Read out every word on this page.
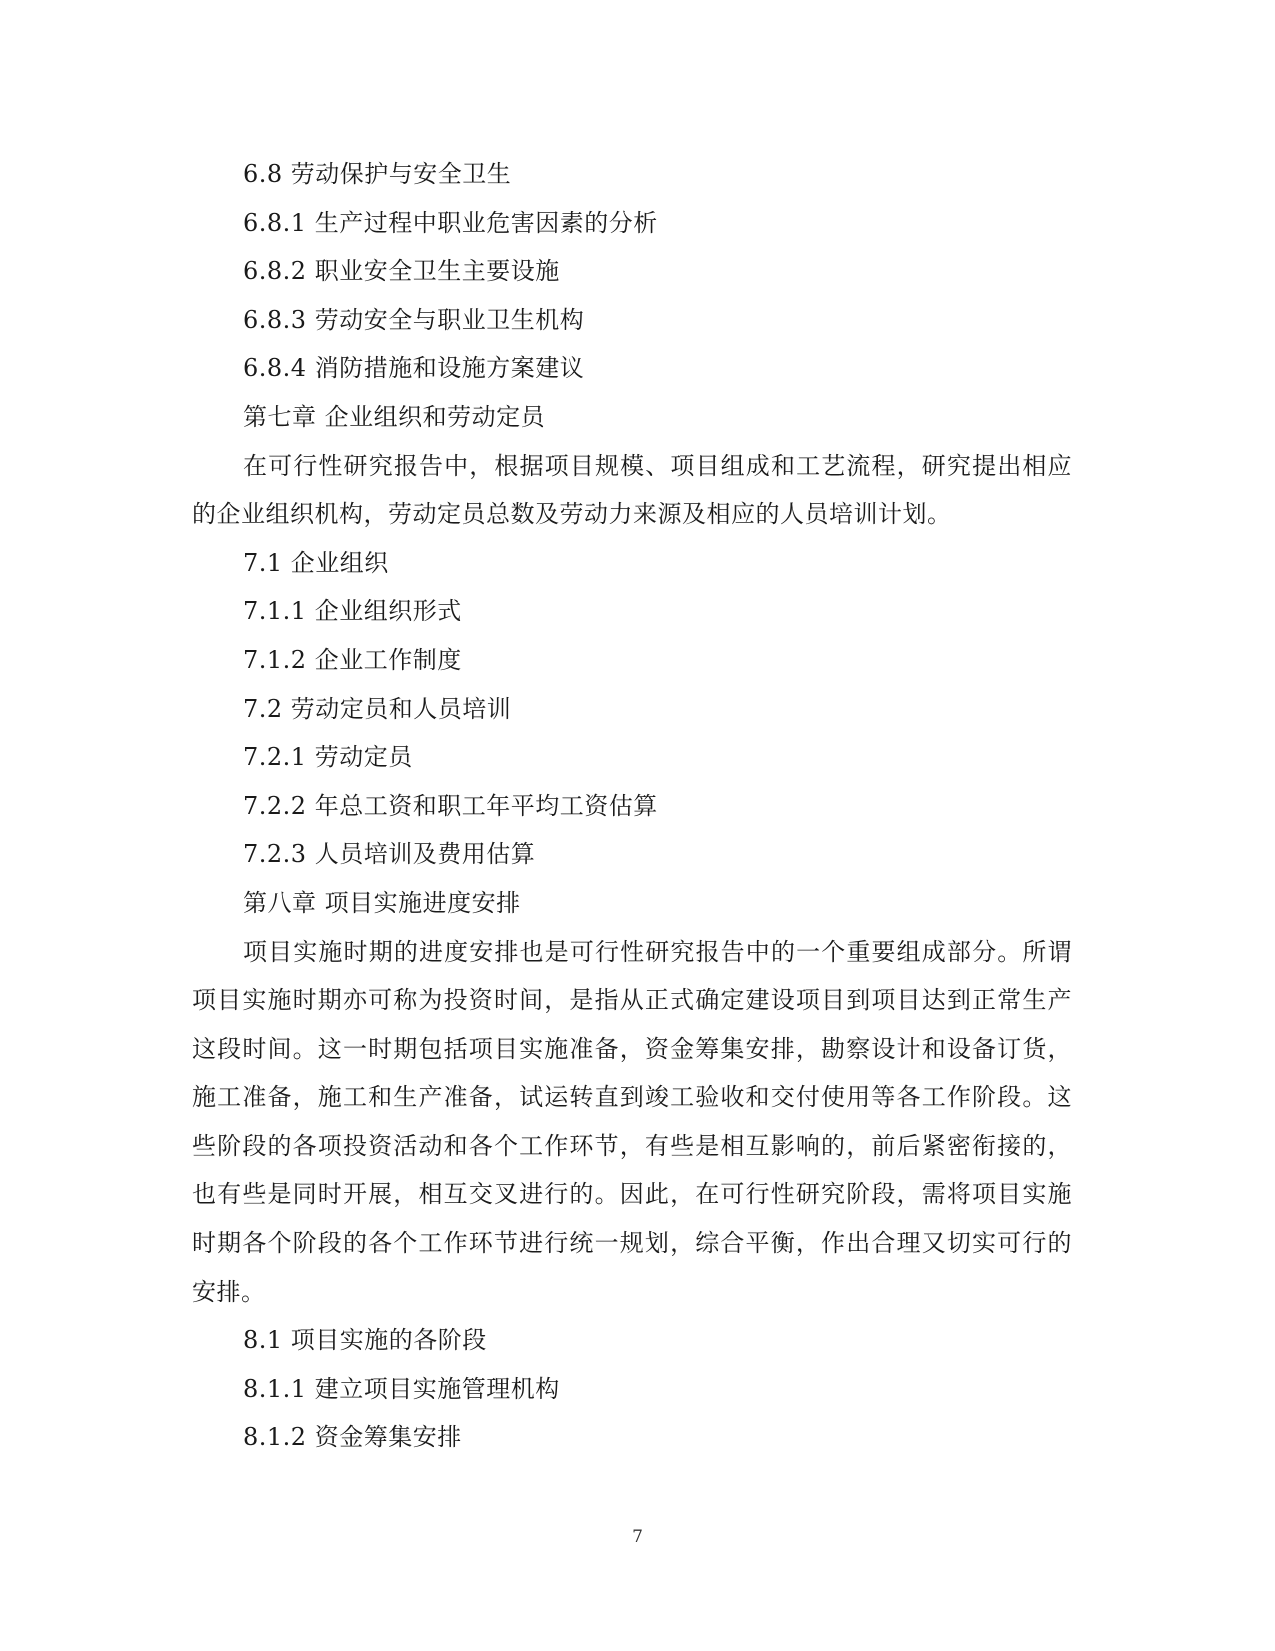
6.8 劳动保护与安全卫生
6.8.1 生产过程中职业危害因素的分析
6.8.2 职业安全卫生主要设施
6.8.3 劳动安全与职业卫生机构
6.8.4 消防措施和设施方案建议
第七章 企业组织和劳动定员
在可行性研究报告中，根据项目规模、项目组成和工艺流程，研究提出相应的企业组织机构，劳动定员总数及劳动力来源及相应的人员培训计划。
7.1 企业组织
7.1.1 企业组织形式
7.1.2 企业工作制度
7.2 劳动定员和人员培训
7.2.1 劳动定员
7.2.2 年总工资和职工年平均工资估算
7.2.3 人员培训及费用估算
第八章 项目实施进度安排
项目实施时期的进度安排也是可行性研究报告中的一个重要组成部分。所谓项目实施时期亦可称为投资时间，是指从正式确定建设项目到项目达到正常生产这段时间。这一时期包括项目实施准备，资金筹集安排，勘察设计和设备订货，施工准备，施工和生产准备，试运转直到竣工验收和交付使用等各工作阶段。这些阶段的各项投资活动和各个工作环节，有些是相互影响的，前后紧密衔接的，也有些是同时开展，相互交叉进行的。因此，在可行性研究阶段，需将项目实施时期各个阶段的各个工作环节进行统一规划，综合平衡，作出合理又切实可行的安排。
8.1 项目实施的各阶段
8.1.1 建立项目实施管理机构
8.1.2 资金筹集安排
7
